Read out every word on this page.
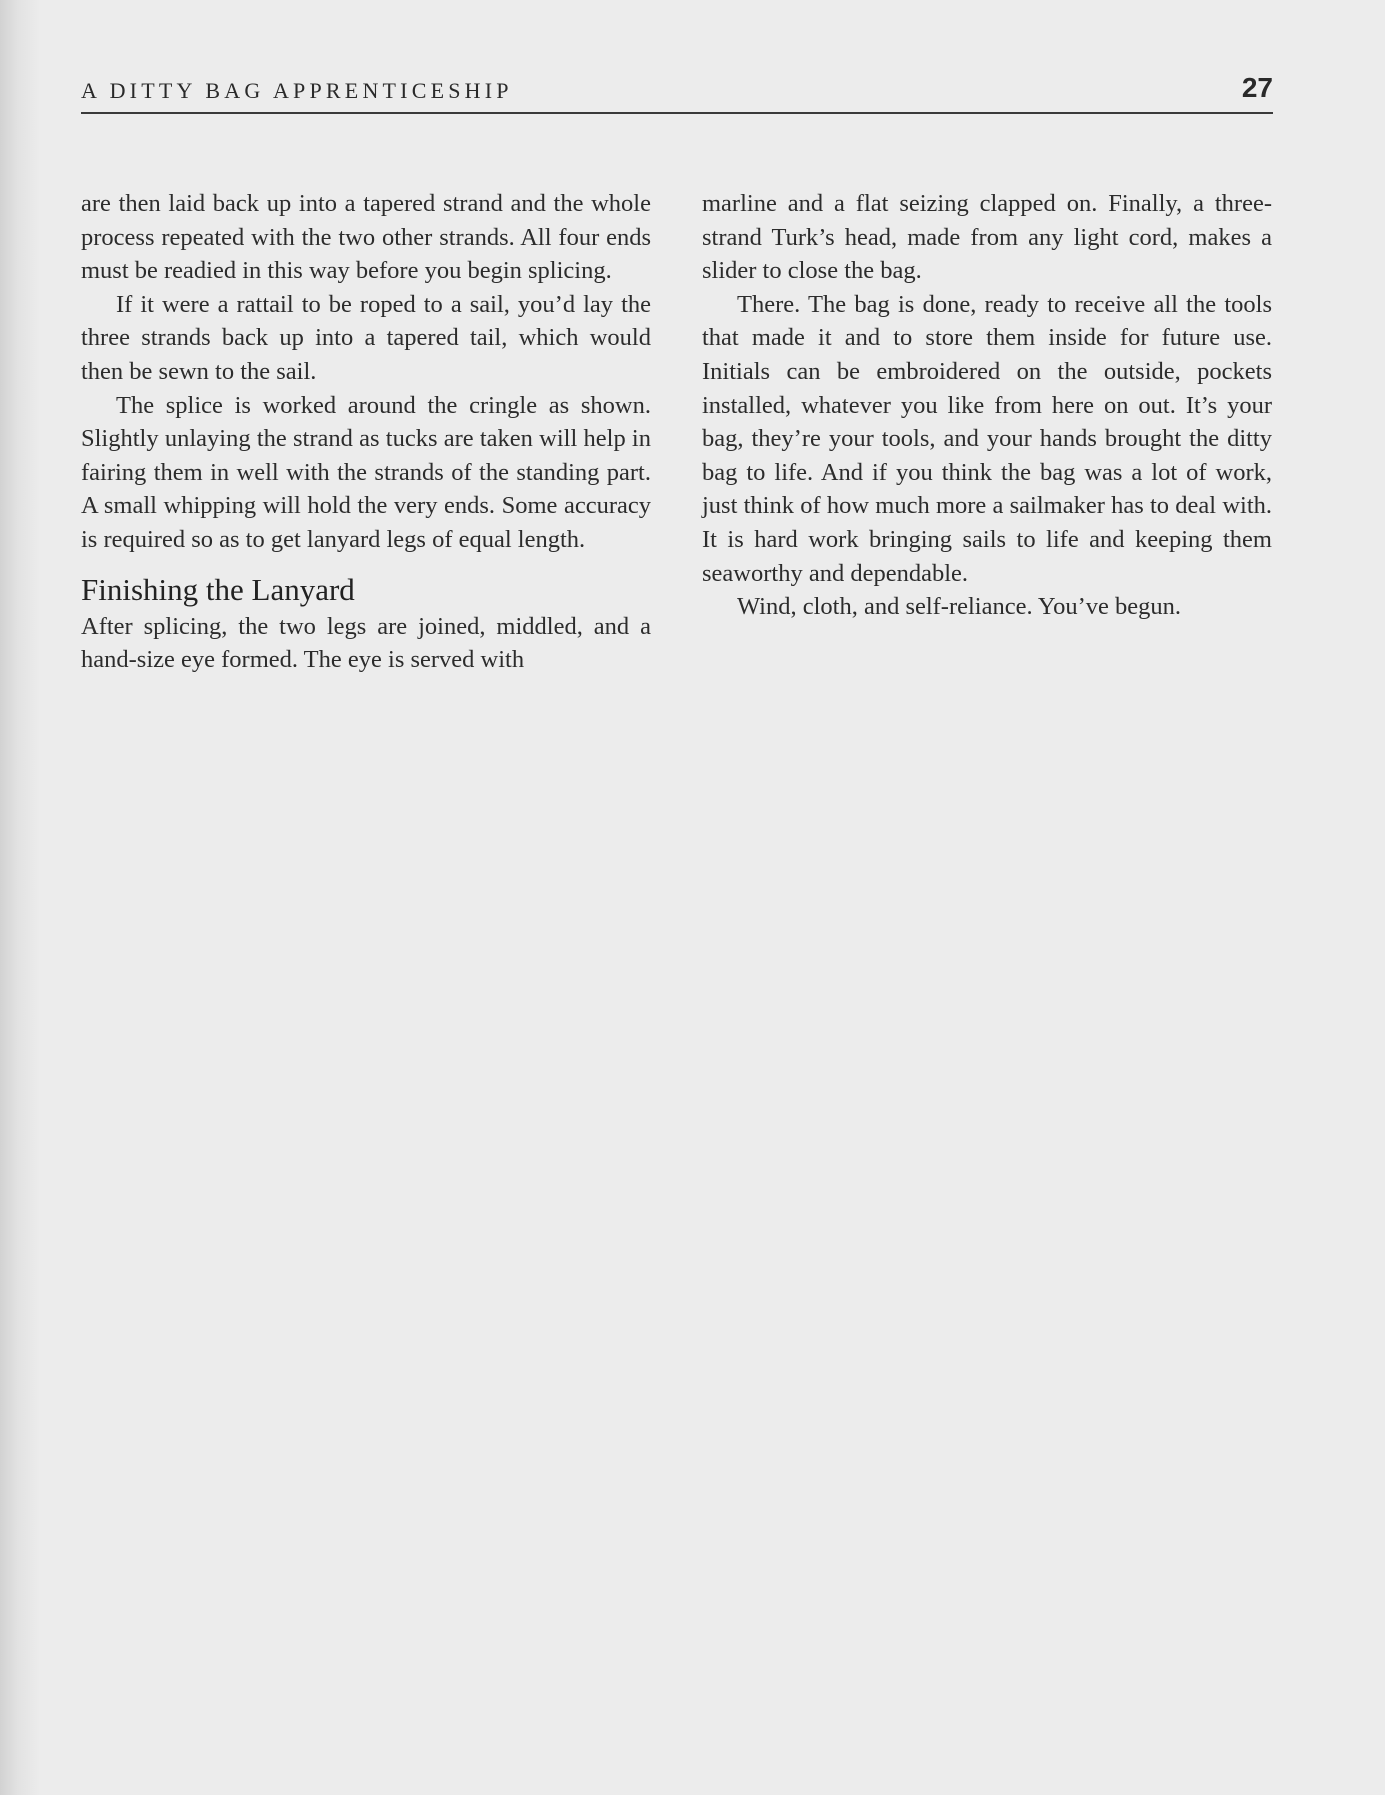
A DITTY BAG APPRENTICESHIP	27

are then laid back up into a tapered strand and the whole process repeated with the two other strands. All four ends must be readied in this way before you begin splicing.

If it were a rattail to be roped to a sail, you’d lay the three strands back up into a tapered tail, which would then be sewn to the sail.

The splice is worked around the cringle as shown. Slightly unlaying the strand as tucks are taken will help in fairing them in well with the strands of the standing part. A small whipping will hold the very ends. Some accuracy is required so as to get lanyard legs of equal length.

Finishing the Lanyard

After splicing, the two legs are joined, middled, and a hand-size eye formed. The eye is served with

marline and a flat seizing clapped on. Finally, a three-strand Turk’s head, made from any light cord, makes a slider to close the bag.

There. The bag is done, ready to receive all the tools that made it and to store them inside for future use. Initials can be embroidered on the outside, pockets installed, whatever you like from here on out. It’s your bag, they’re your tools, and your hands brought the ditty bag to life. And if you think the bag was a lot of work, just think of how much more a sailmaker has to deal with. It is hard work bringing sails to life and keeping them seaworthy and dependable.

Wind, cloth, and self-reliance. You’ve begun.
